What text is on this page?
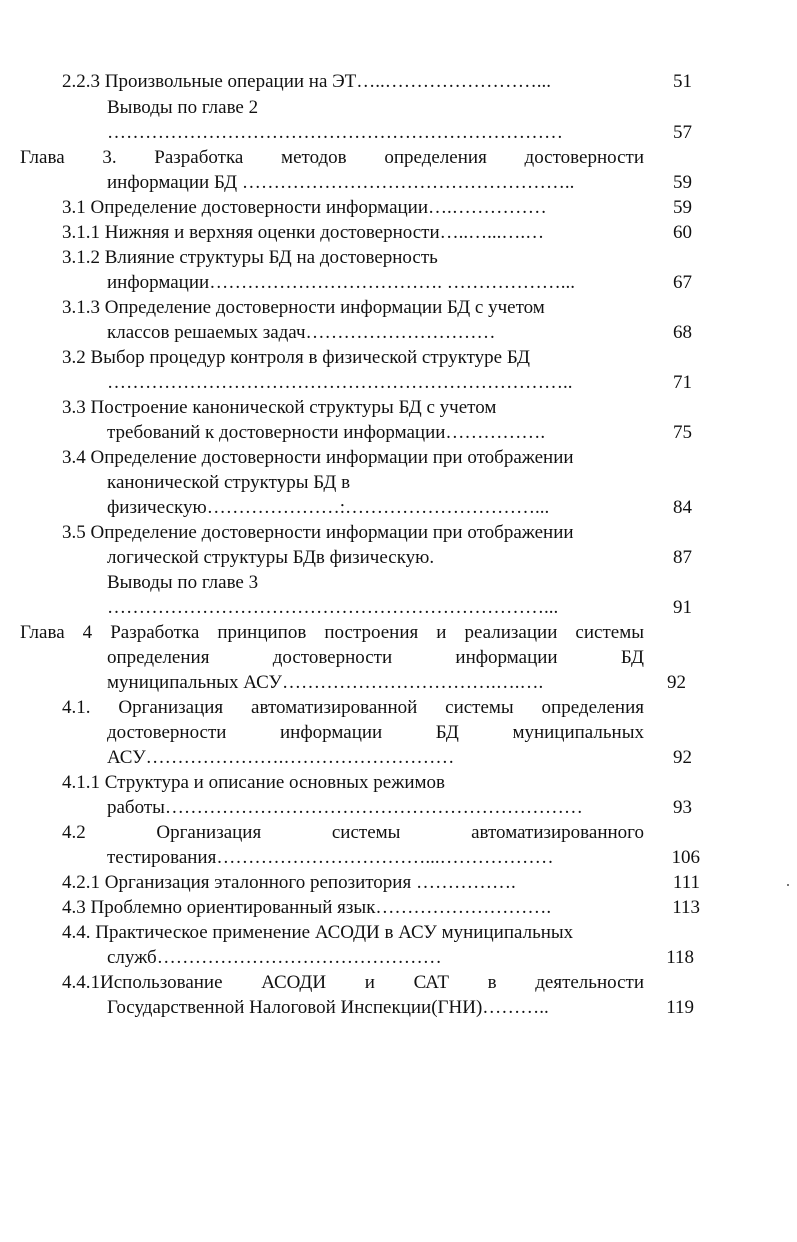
2.2.3 Произвольные операции на ЭТ…..……………………...	51
Выводы по главе 2
………………………………………………………………	57
Глава 3. Разработка методов определения достоверности
информации БД ……………………………………………..	59
3.1 Определение достоверности информации….……………	59
3.1.1 Нижняя и верхняя оценки достоверности…..…...….…	60
3.1.2 Влияние структуры БД на достоверность
информации………………………………. ………………...	67
3.1.3 Определение достоверности информации БД с учетом
классов решаемых задач…………………………	68
3.2 Выбор процедур контроля в физической структуре БД
………………………………………………………………..	71
3.3 Построение канонической структуры БД с учетом
требований к достоверности информации…………….	75
3.4 Определение достоверности информации при отображении
канонической структуры БД в
физическую…………………:…………………………...	84
3.5 Определение достоверности информации при отображении
логической структуры БДв физическую.	87
Выводы по главе 3
……………………………………………………………...	91
Глава 4 Разработка принципов построения и реализации системы
определения достоверности информации БД
муниципальных АСУ…………………………….….….	92
4.1. Организация автоматизированной системы определения
достоверности информации БД муниципальных
АСУ………………….………………………	92
4.1.1 Структура и описание основных режимов
работы…………………………………………………………	93
4.2 Организация системы автоматизированного
тестирования……………………………...………………	106
4.2.1 Организация эталонного репозитория …………….	111
4.3 Проблемно ориентированный язык……………………….	113
4.4. Практическое применение АСОДИ в АСУ муниципальных
служб………………………………………	118
4.4.1Использование АСОДИ и САТ в деятельности
Государственной Налоговой Инспекции(ГНИ)………..	119
